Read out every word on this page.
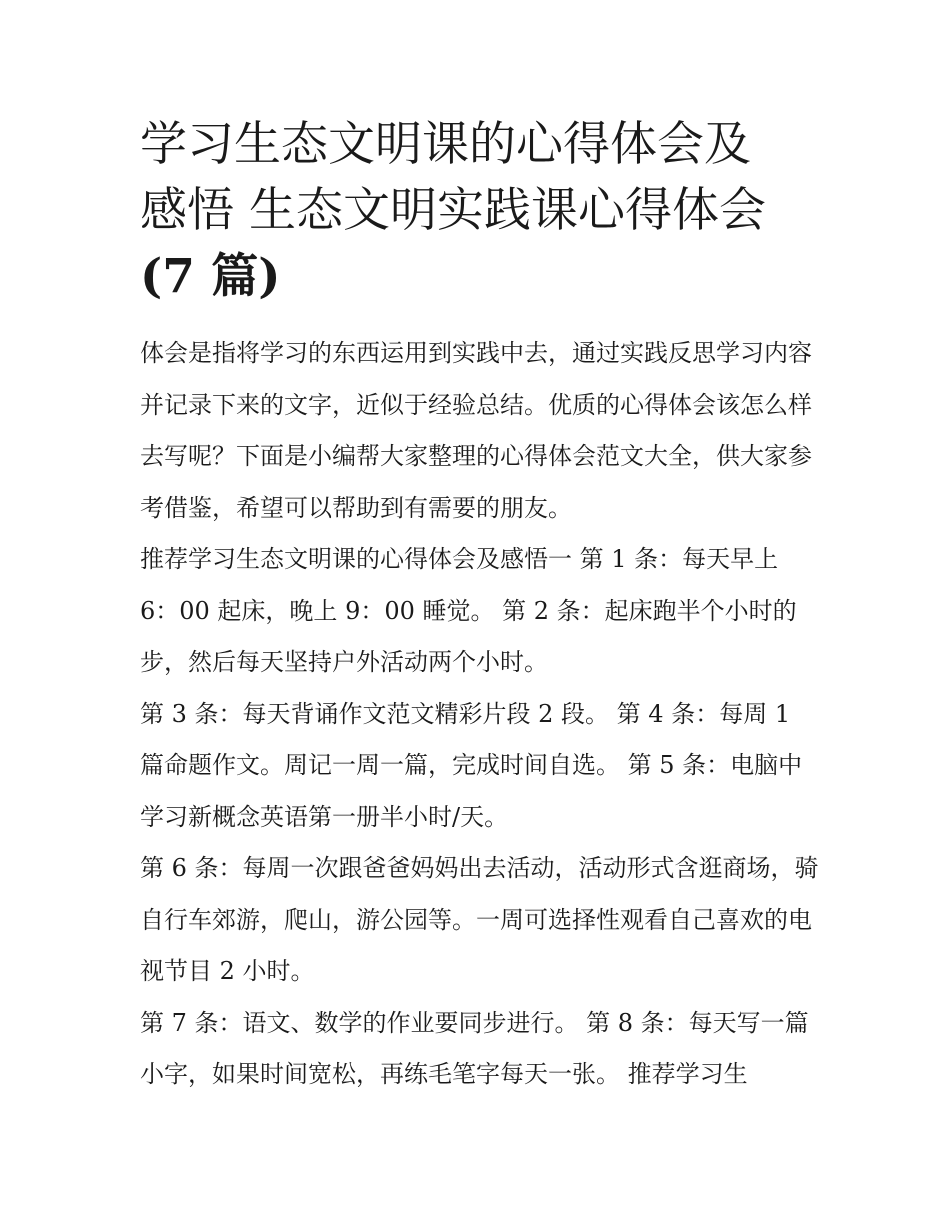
学习生态文明课的心得体会及
感悟 生态文明实践课心得体会
(7 篇)

体会是指将学习的东西运用到实践中去，通过实践反思学习内容并记录下来的文字，近似于经验总结。优质的心得体会该怎么样去写呢？下面是小编帮大家整理的心得体会范文大全，供大家参考借鉴，希望可以帮助到有需要的朋友。

推荐学习生态文明课的心得体会及感悟一 第 1 条：每天早上 6：00 起床，晚上 9：00 睡觉。 第 2 条：起床跑半个小时的步，然后每天坚持户外活动两个小时。

第 3 条：每天背诵作文范文精彩片段 2 段。 第 4 条：每周 1 篇命题作文。周记一周一篇，完成时间自选。 第 5 条：电脑中学习新概念英语第一册半小时/天。

第 6 条：每周一次跟爸爸妈妈出去活动，活动形式含逛商场，骑自行车郊游，爬山，游公园等。一周可选择性观看自己喜欢的电视节目 2 小时。

第 7 条：语文、数学的作业要同步进行。 第 8 条：每天写一篇小字，如果时间宽松，再练毛笔字每天一张。 推荐学习生
